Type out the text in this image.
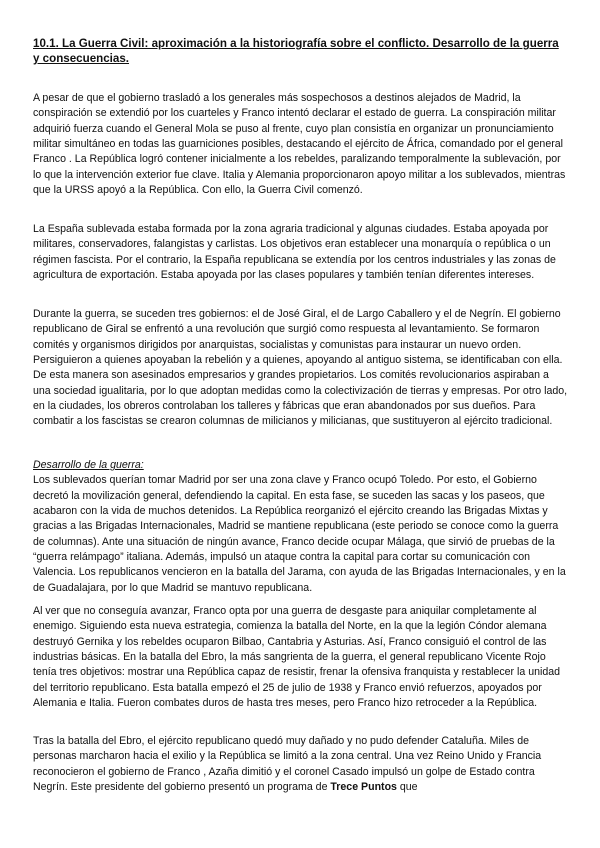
10.1. La Guerra Civil: aproximación a la historiografía sobre el conflicto. Desarrollo de la guerra y consecuencias.

A pesar de que el gobierno trasladó a los generales más sospechosos a destinos alejados de Madrid, la conspiración se extendió por los cuarteles y Franco intentó declarar el estado de guerra. La conspiración militar adquirió fuerza cuando el General Mola se puso al frente, cuyo plan consistía en organizar un pronunciamiento militar simultáneo en todas las guarniciones posibles, destacando el ejército de África, comandado por el general Franco . La República logró contener inicialmente a los rebeldes, paralizando temporalmente la sublevación, por lo que la intervención exterior fue clave. Italia y Alemania proporcionaron apoyo militar a los sublevados, mientras que la URSS apoyó a la República. Con ello, la Guerra Civil comenzó.

La España sublevada estaba formada por la zona agraria tradicional y algunas ciudades. Estaba apoyada por militares, conservadores, falangistas y carlistas. Los objetivos eran establecer una monarquía o república o un régimen fascista. Por el contrario, la España republicana se extendía por los centros industriales y las zonas de agricultura de exportación. Estaba apoyada por las clases populares y también tenían diferentes intereses.

Durante la guerra, se suceden tres gobiernos: el de José Giral, el de Largo Caballero y el de Negrín. El gobierno republicano de Giral se enfrentó a una revolución que surgió como respuesta al levantamiento. Se formaron comités y organismos dirigidos por anarquistas, socialistas y comunistas para instaurar un nuevo orden. Persiguieron a quienes apoyaban la rebelión y a quienes, apoyando al antiguo sistema, se identificaban con ella. De esta manera son asesinados empresarios y grandes propietarios. Los comités revolucionarios aspiraban a una sociedad igualitaria, por lo que adoptan medidas como la colectivización de tierras y empresas. Por otro lado, en la ciudades, los obreros controlaban los talleres y fábricas que eran abandonados por sus dueños. Para combatir a los fascistas se crearon columnas de milicianos y milicianas, que sustituyeron al ejército tradicional.

Desarrollo de la guerra:
Los sublevados querían tomar Madrid por ser una zona clave y Franco ocupó Toledo. Por esto, el Gobierno decretó la movilización general, defendiendo la capital. En esta fase, se suceden las sacas y los paseos, que acabaron con la vida de muchos detenidos. La República reorganizó el ejército creando las Brigadas Mixtas y gracias a las Brigadas Internacionales, Madrid se mantiene republicana (este periodo se conoce como la guerra de columnas). Ante una situación de ningún avance, Franco decide ocupar Málaga, que sirvió de pruebas de la “guerra relámpago” italiana. Además, impulsó un ataque contra la capital para cortar su comunicación con Valencia. Los republicanos vencieron en la batalla del Jarama, con ayuda de las Brigadas Internacionales, y en la de Guadalajara, por lo que Madrid se mantuvo republicana.

Al ver que no conseguía avanzar, Franco opta por una guerra de desgaste para aniquilar completamente al enemigo. Siguiendo esta nueva estrategia, comienza la batalla del Norte, en la que la legión Cóndor alemana destruyó Gernika y los rebeldes ocuparon Bilbao, Cantabria y Asturias. Así, Franco consiguió el control de las industrias básicas. En la batalla del Ebro, la más sangrienta de la guerra, el general republicano Vicente Rojo tenía tres objetivos: mostrar una República capaz de resistir, frenar la ofensiva franquista y restablecer la unidad del territorio republicano. Esta batalla empezó el 25 de julio de 1938 y Franco envió refuerzos, apoyados por Alemania e Italia. Fueron combates duros de hasta tres meses, pero Franco hizo retroceder a la República.

Tras la batalla del Ebro, el ejército republicano quedó muy dañado y no pudo defender Cataluña. Miles de personas marcharon hacia el exilio y la República se limitó a la zona central. Una vez Reino Unido y Francia reconocieron el gobierno de Franco , Azaña dimitió y el coronel Casado impulsó un golpe de Estado contra Negrín. Este presidente del gobierno presentó un programa de Trece Puntos que
